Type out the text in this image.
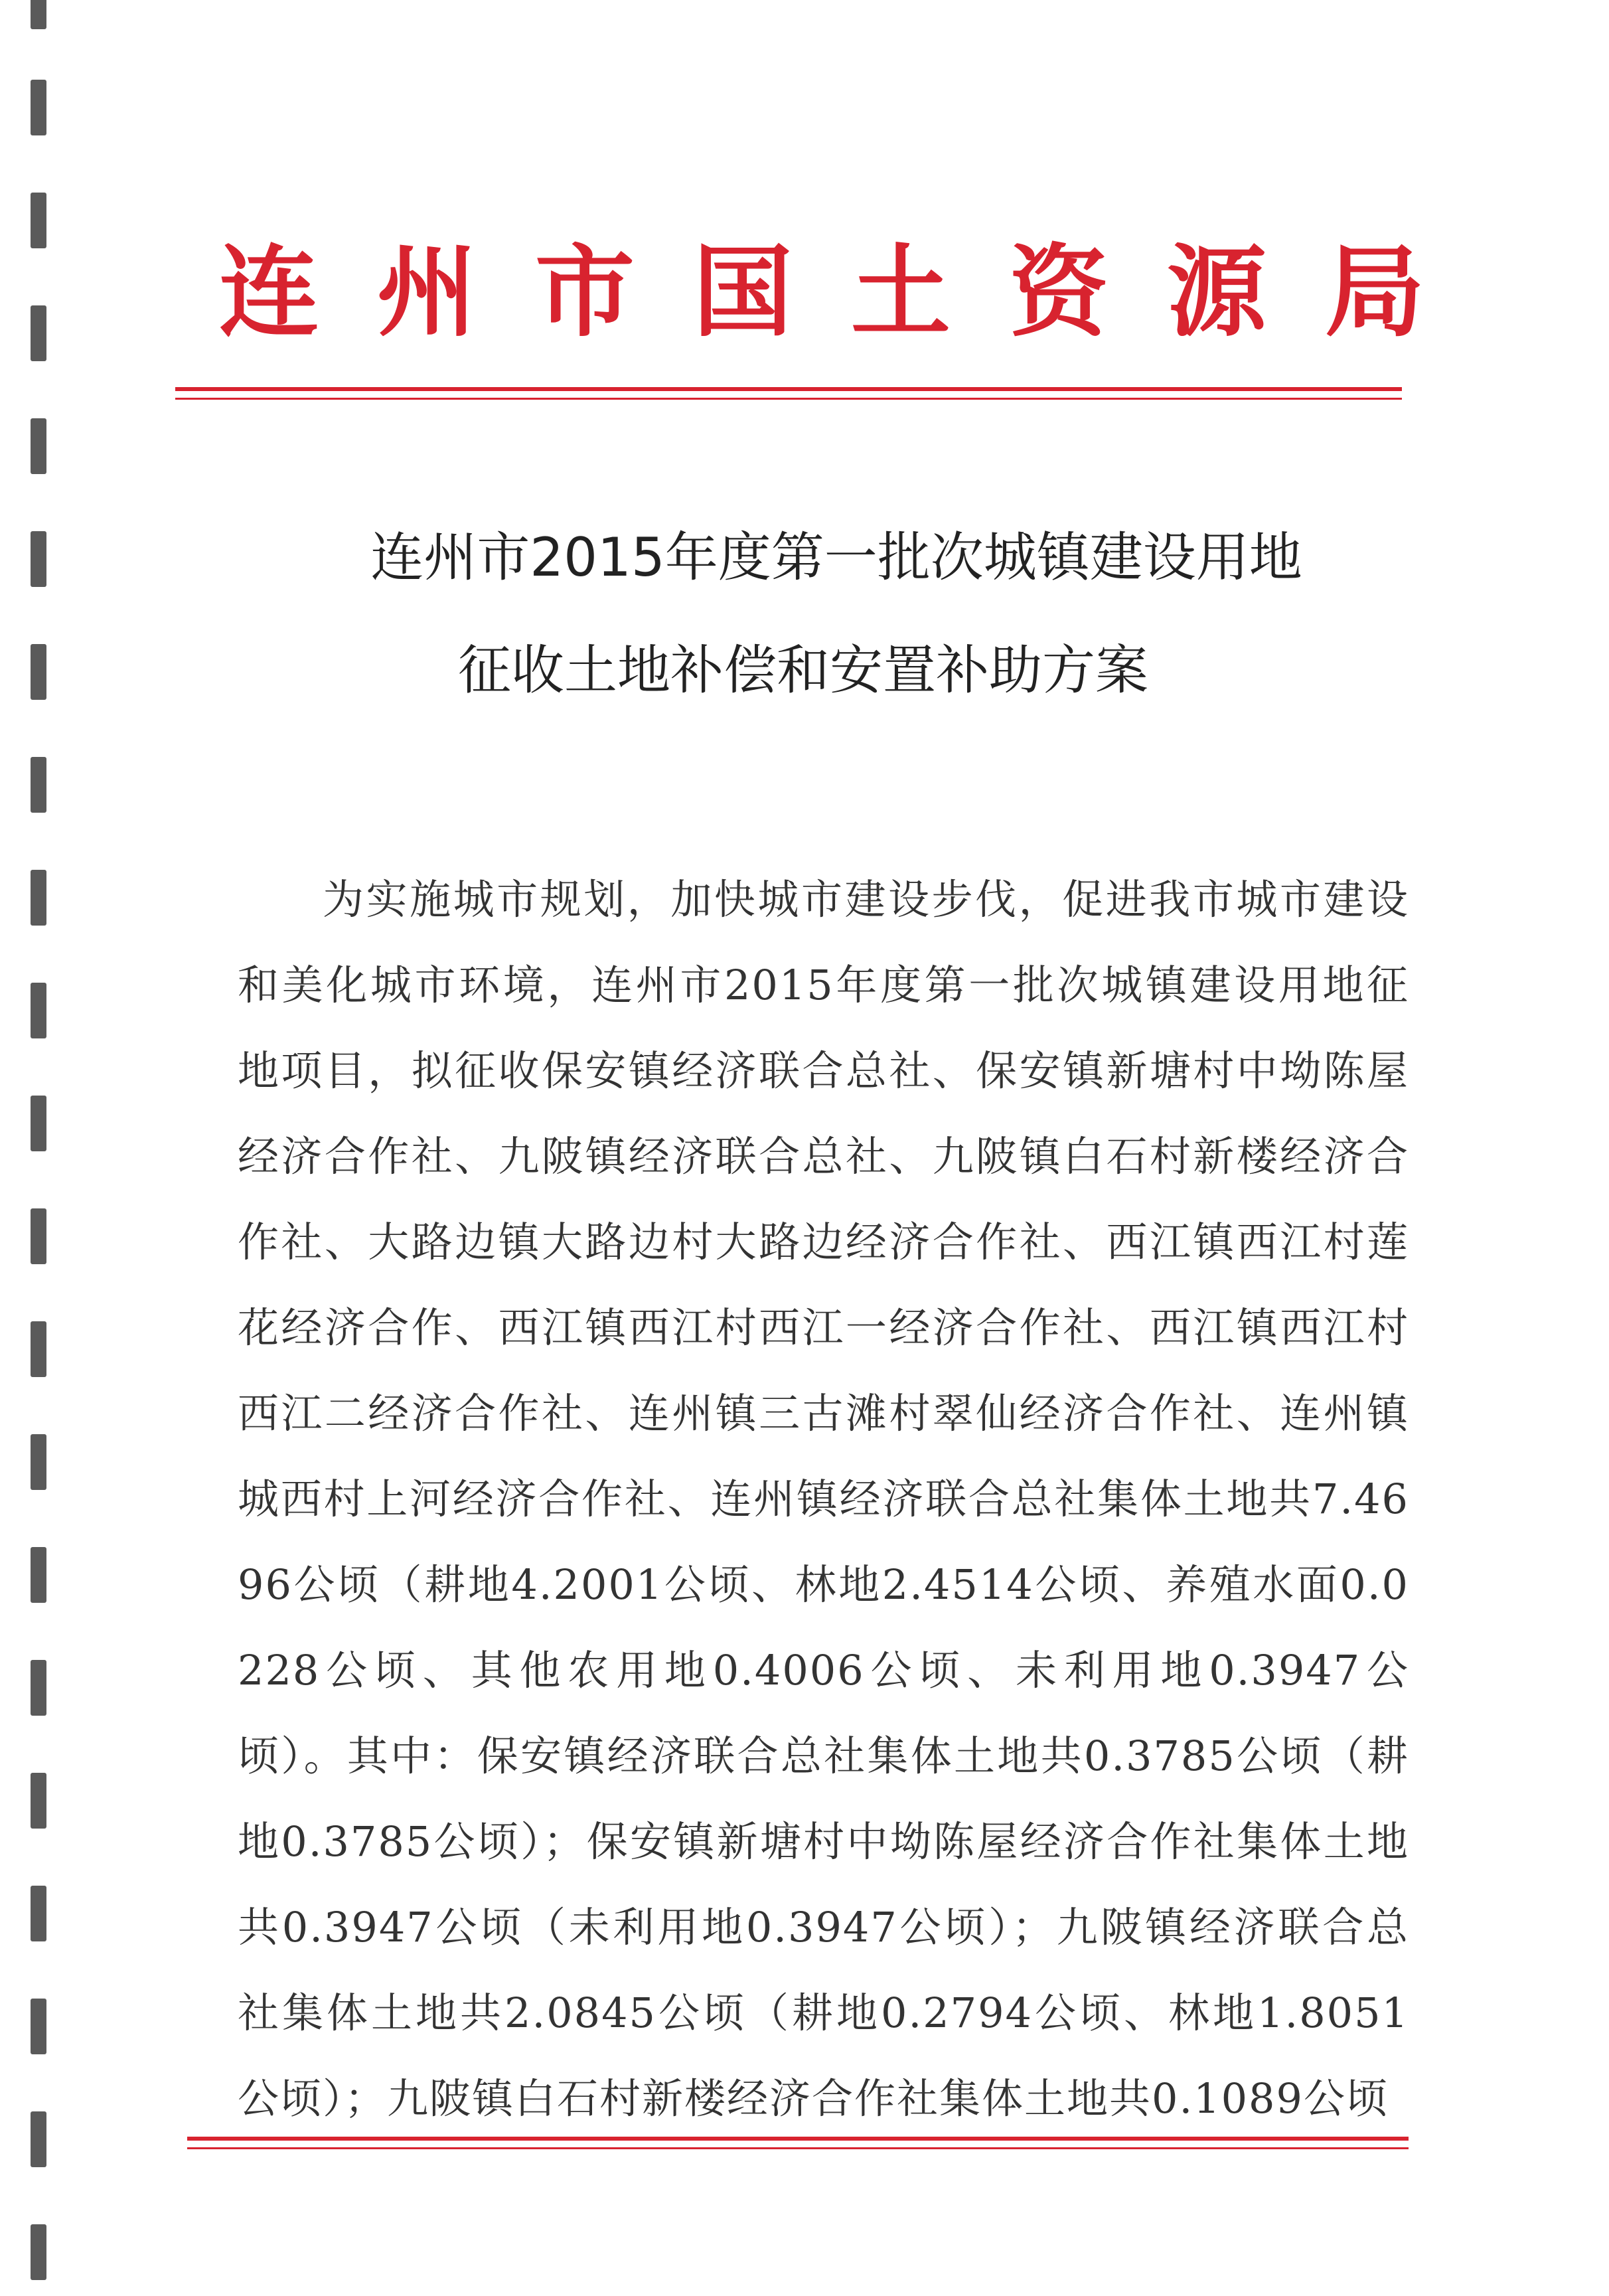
连州市国土资源局
连州市2015年度第一批次城镇建设用地
征收土地补偿和安置补助方案

为实施城市规划，加快城市建设步伐，促进我市城市建设和美化城市环境，连州市2015年度第一批次城镇建设用地征地项目，拟征收保安镇经济联合总社、保安镇新塘村中坳陈屋经济合作社、九陂镇经济联合总社、九陂镇白石村新楼经济合作社、大路边镇大路边村大路边经济合作社、西江镇西江村莲花经济合作、西江镇西江村西江一经济合作社、西江镇西江村西江二经济合作社、连州镇三古滩村翠仙经济合作社、连州镇城西村上河经济合作社、连州镇经济联合总社集体土地共7.4696公顷（耕地4.2001公顷、林地2.4514公顷、养殖水面0.0228公顷、其他农用地0.4006公顷、未利用地0.3947公顷）。其中：保安镇经济联合总社集体土地共0.3785公顷（耕地0.3785公顷）；保安镇新塘村中坳陈屋经济合作社集体土地共0.3947公顷（未利用地0.3947公顷）；九陂镇经济联合总社集体土地共2.0845公顷（耕地0.2794公顷、林地1.8051公顷）；九陂镇白石村新楼经济合作社集体土地共0.1089公顷
